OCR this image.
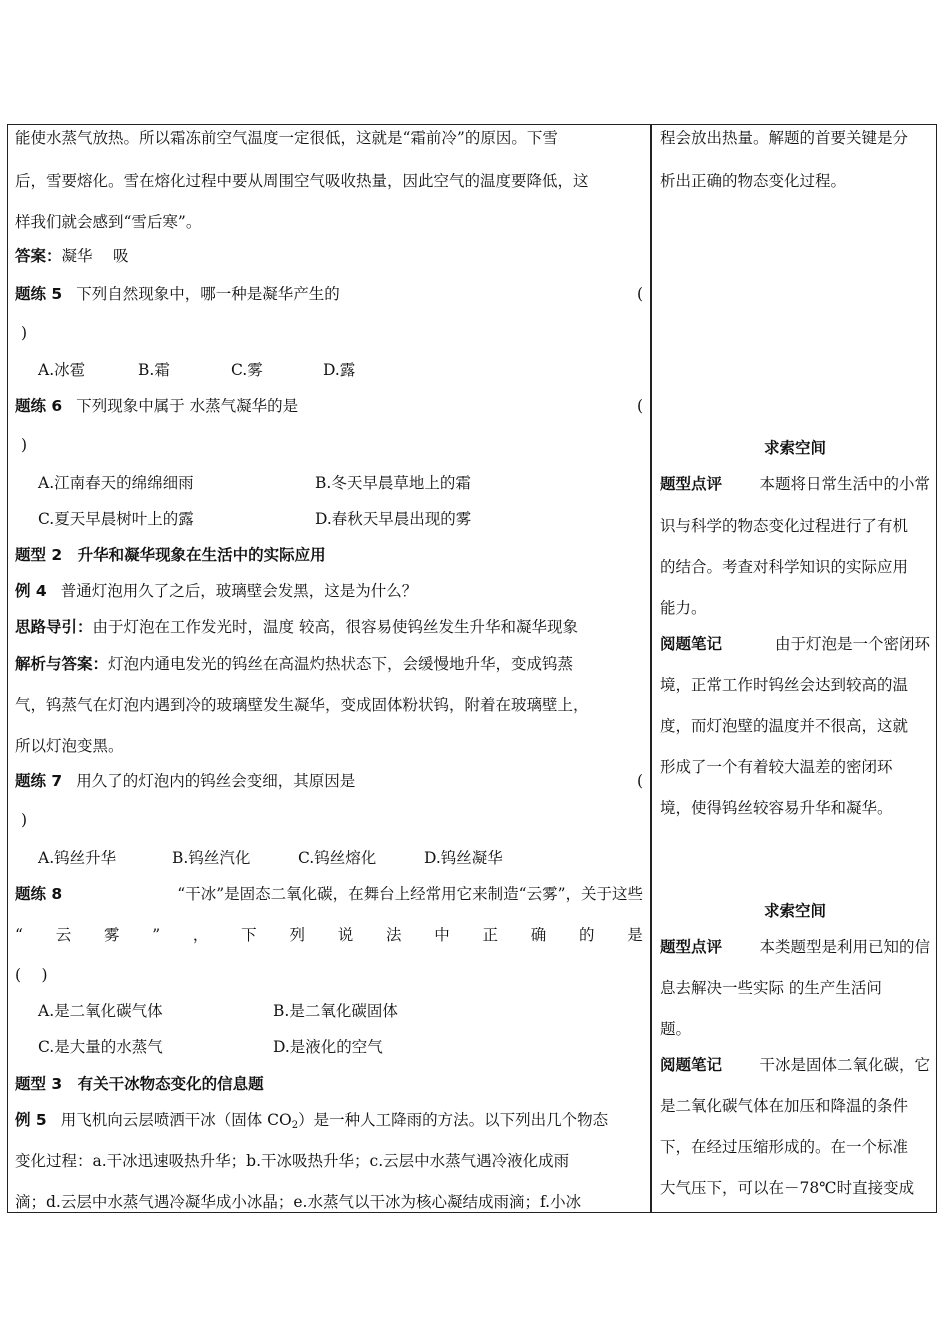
能使水蒸气放热。所以霜冻前空气温度一定很低，这就是“霜前冷”的原因。下雪
后，雪要熔化。雪在熔化过程中要从周围空气吸收热量，因此空气的温度要降低，这
样我们就会感到“雪后寒”。
答案：凝华　 吸
题练 5 下列自然现象中，哪一种是凝华产生的	(
)
A.冰雹	B.霜	C.雾	D.露
题练 6 下列现象中属于 水蒸气凝华的是	(
)
A.江南春天的绵绵细雨	B.冬天早晨草地上的霜
C.夏天早晨树叶上的露	D.春秋天早晨出现的雾
题型 2　升华和凝华现象在生活中的实际应用
例 4 普通灯泡用久了之后，玻璃壁会发黑，这是为什么？
思路导引：由于灯泡在工作发光时，温度 较高，很容易使钨丝发生升华和凝华现象
解析与答案：灯泡内通电发光的钨丝在高温灼热状态下，会缓慢地升华，变成钨蒸
气，钨蒸气在灯泡内遇到冷的玻璃壁发生凝华，变成固体粉状钨，附着在玻璃壁上，
所以灯泡变黑。
题练 7 用久了的灯泡内的钨丝会变细，其原因是	(
)
A.钨丝升华	B.钨丝汽化	C.钨丝熔化	D.钨丝凝华
题练 8	“干冰”是固态二氧化碳，在舞台上经常用它来制造“云雾”，关于这些
“ 云 雾 ” ， 下 列 说 法 中 正 确 的 是
(　 )
A.是二氧化碳气体	B.是二氧化碳固体
C.是大量的水蒸气	D.是液化的空气
题型 3　有关干冰物态变化的信息题
例 5 用飞机向云层喷洒干冰（固体 CO2）是一种人工降雨的方法。以下列出几个物态
变化过程：a.干冰迅速吸热升华；b.干冰吸热升华；c.云层中水蒸气遇冷液化成雨
滴；d.云层中水蒸气遇冷凝华成小冰晶；e.水蒸气以干冰为核心凝结成雨滴；f.小冰
程会放出热量。解题的首要关键是分
析出正确的物态变化过程。
求索空间
题型点评 本题将日常生活中的小常
识与科学的物态变化过程进行了有机
的结合。考查对科学知识的实际应用
能力。
阅题笔记	由于灯泡是一个密闭环
境，正常工作时钨丝会达到较高的温
度，而灯泡壁的温度并不很高，这就
形成了一个有着较大温差的密闭环
境，使得钨丝较容易升华和凝华。
求索空间
题型点评 本类题型是利用已知的信
息去解决一些实际 的生产生活问
题。
阅题笔记 干冰是固体二氧化碳，它
是二氧化碳气体在加压和降温的条件
下，在经过压缩形成的。在一个标准
大气压下，可以在－78℃时直接变成
